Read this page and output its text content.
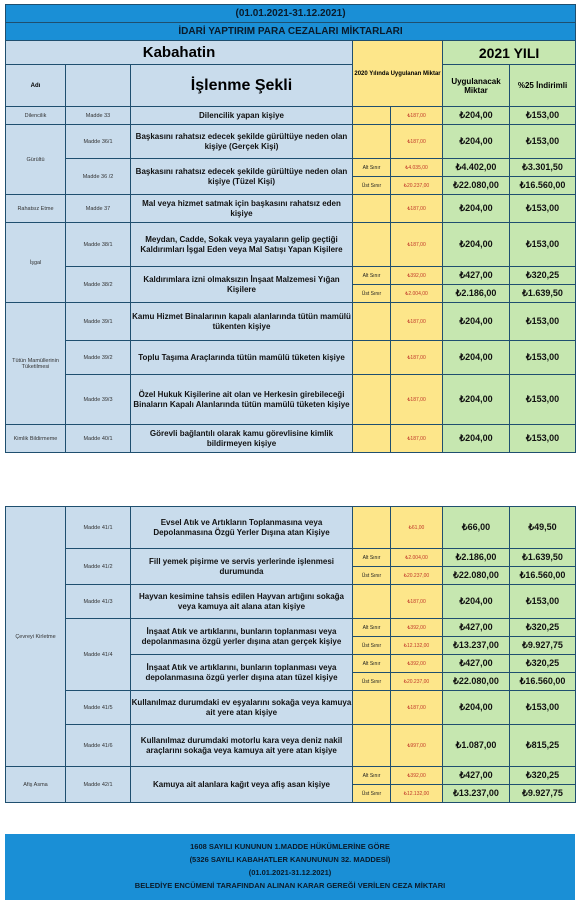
(01.01.2021-31.12.2021)						
İDARİ YAPTIRIM PARA CEZALARI MİKTARLARI						
Kabahatin			2020 Yılında Uygulanan Miktar		2021 YILI	
Adı		İşlenme Şekli			Uygulanacak Miktar	%25 İndirimli
Dilencilik	Madde 33	Dilencilik yapan kişiye		₺187,00	₺204,00	₺153,00
Gürültü	Madde 36/1	Başkasını rahatsız edecek şekilde gürültüye neden olan kişiye (Gerçek Kişi)		₺187,00	₺204,00	₺153,00
	Madde 36 /2	Başkasını rahatsız edecek şekilde gürültüye neden olan kişiye (Tüzel Kişi)	Alt Sınır	₺4.035,00	₺4.402,00	₺3.301,50
			Üst Sınır	₺20.237,00	₺22.080,00	₺16.560,00
Rahatsız Etme	Madde 37	Mal veya hizmet satmak için başkasını rahatsız eden kişiye		₺187,00	₺204,00	₺153,00
İşgal	Madde 38/1	Meydan, Cadde, Sokak veya yayaların gelip geçtiği Kaldırımları İşgal Eden veya Mal Satışı Yapan Kişilere		₺187,00	₺204,00	₺153,00
	Madde 38/2	Kaldırımlara izni olmaksızın İnşaat Malzemesi Yığan Kişilere	Alt Sınır	₺392,00	₺427,00	₺320,25
			Üst Sınır	₺2.004,00	₺2.186,00	₺1.639,50
Tütün Mamüllerinin Tüketilmesi	Madde 39/1	Kamu Hizmet Binalarının kapalı alanlarında tütün mamülü tükenten kişiye		₺187,00	₺204,00	₺153,00
	Madde 39/2	Toplu Taşıma Araçlarında tütün mamülü tüketen kişiye		₺187,00	₺204,00	₺153,00
	Madde 39/3	Özel Hukuk Kişilerine ait olan ve Herkesin girebileceği Binaların Kapalı Alanlarında tütün mamülü tüketen kişiye		₺187,00	₺204,00	₺153,00
Kimlik Bildirmeme	Madde 40/1	Görevli bağlantılı olarak kamu görevlisine kimlik bildirmeyen kişiye		₺187,00	₺204,00	₺153,00
Çevreyi Kirletme	Madde 41/1	Evsel Atık ve Artıkların Toplanmasına veya Depolanmasına Özgü Yerler Dışına atan Kişiye		₺61,00	₺66,00	₺49,50
	Madde 41/2	Fill yemek pişirme ve servis yerlerinde işlenmesi durumunda	Alt Sınır	₺2.004,00	₺2.186,00	₺1.639,50
			Üst Sınır	₺20.237,00	₺22.080,00	₺16.560,00
	Madde 41/3	Hayvan kesimine tahsis edilen Hayvan artığını sokağa veya kamuya ait alana atan kişiye		₺187,00	₺204,00	₺153,00
	Madde 41/4	İnşaat Atık ve artıklarını, bunların toplanması veya depolanmasına özgü yerler dışına atan gerçek kişiye	Alt Sınır	₺392,00	₺427,00	₺320,25
			Üst Sınır	₺12.132,00	₺13.237,00	₺9.927,75
		İnşaat Atık ve artıklarını, bunların toplanması veya depolanmasına özgü yerler dışına atan tüzel kişiye	Alt Sınır	₺392,00	₺427,00	₺320,25
			Üst Sınır	₺20.237,00	₺22.080,00	₺16.560,00
	Madde 41/5	Kullanılmaz durumdaki ev eşyalarını sokağa veya kamuya ait yere atan kişiye		₺187,00	₺204,00	₺153,00
	Madde 41/6	Kullanılmaz durumdaki motorlu kara veya deniz nakil araçlarını sokağa veya kamuya ait yere atan kişiye		₺997,00	₺1.087,00	₺815,25
Afiş Asma	Madde 42/1	Kamuya ait alanlara kağıt veya afiş asan kişiye	Alt Sınır	₺392,00	₺427,00	₺320,25
			Üst Sınır	₺12.132,00	₺13.237,00	₺9.927,75
1608 SAYILI KUNUNUN 1.MADDE HÜKÜMLERİNE GÖRE
(5326 SAYILI KABAHATLER KANUNUNUN 32. MADDESİ)
(01.01.2021-31.12.2021)
BELEDİYE ENCÜMENİ TARAFINDAN ALINAN KARAR GEREĞİ VERİLEN CEZA MİKTARI
